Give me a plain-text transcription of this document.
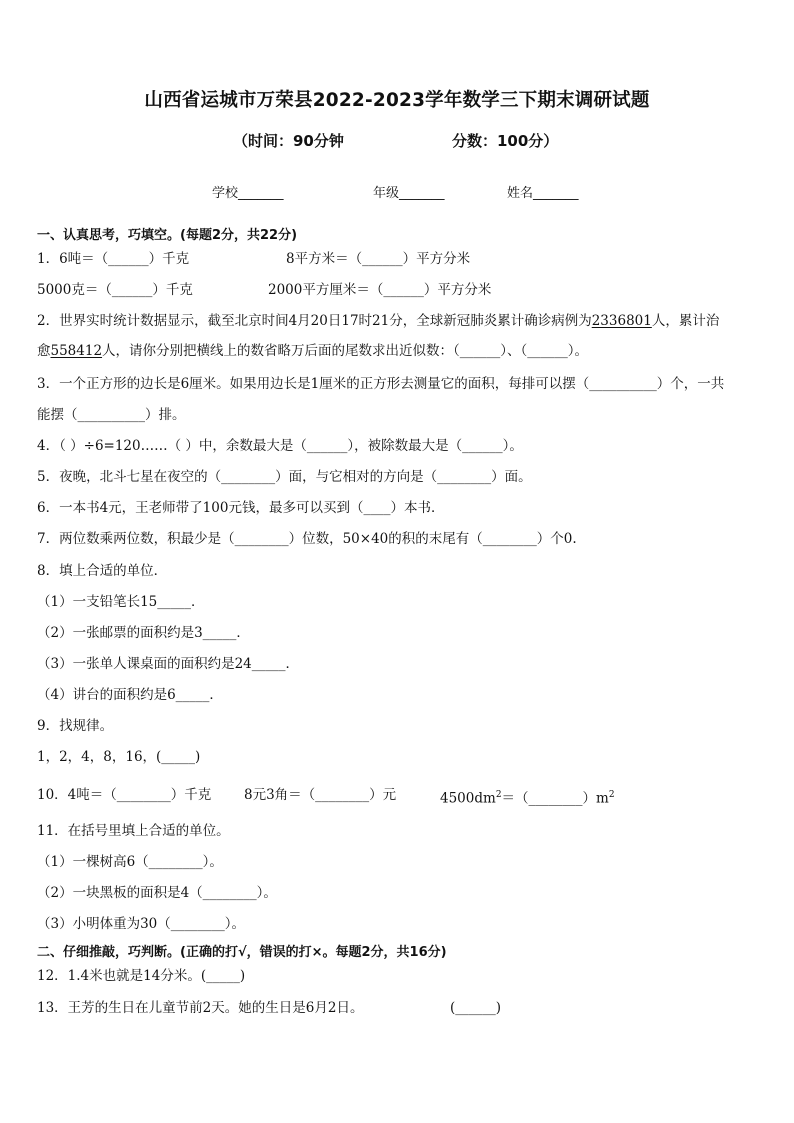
山西省运城市万荣县2022-2023学年数学三下期末调研试题
（时间：90分钟	分数：100分）
学校_______	年级_______	姓名_______
一、认真思考，巧填空。(每题2分，共22分)
1．6吨＝（______）千克	8平方米＝（______）平方分米
5000克＝（______）千克	2000平方厘米＝（______）平方分米
2．世界实时统计数据显示，截至北京时间4月20日17时21分，全球新冠肺炎累计确诊病例为2336801人，累计治
愈558412人，请你分别把横线上的数省略万后面的尾数求出近似数：（______）、（______）。
3．一个正方形的边长是6厘米。如果用边长是1厘米的正方形去测量它的面积，每排可以摆（__________）个，一共
能摆（__________）排。
4．（ ）÷6=120……（ ）中，余数最大是（______），被除数最大是（______）。
5．夜晚，北斗七星在夜空的（________）面，与它相对的方向是（________）面。
6．一本书4元，王老师带了100元钱，最多可以买到（____）本书．
7．两位数乘两位数，积最少是（________）位数，50×40的积的末尾有（________）个0.
8．填上合适的单位．
（1）一支铅笔长15_____．
（2）一张邮票的面积约是3_____．
（3）一张单人课桌面的面积约是24_____．
（4）讲台的面积约是6_____．
9．找规律。
1，2，4，8，16，(_____)
10．4吨＝（________）千克 8元3角＝（________）元	$4500dm^2=(\_\_\_\_\_\_\_\_)m^2$
11．在括号里填上合适的单位。
（1）一棵树高6（________）。
（2）一块黑板的面积是4（________）。
（3）小明体重为30（________）。
二、仔细推敲，巧判断。(正确的打√，错误的打×。每题2分，共16分)
12．1.4米也就是14分米。(_____)
13．王芳的生日在儿童节前2天。她的生日是6月2日。	(______)
